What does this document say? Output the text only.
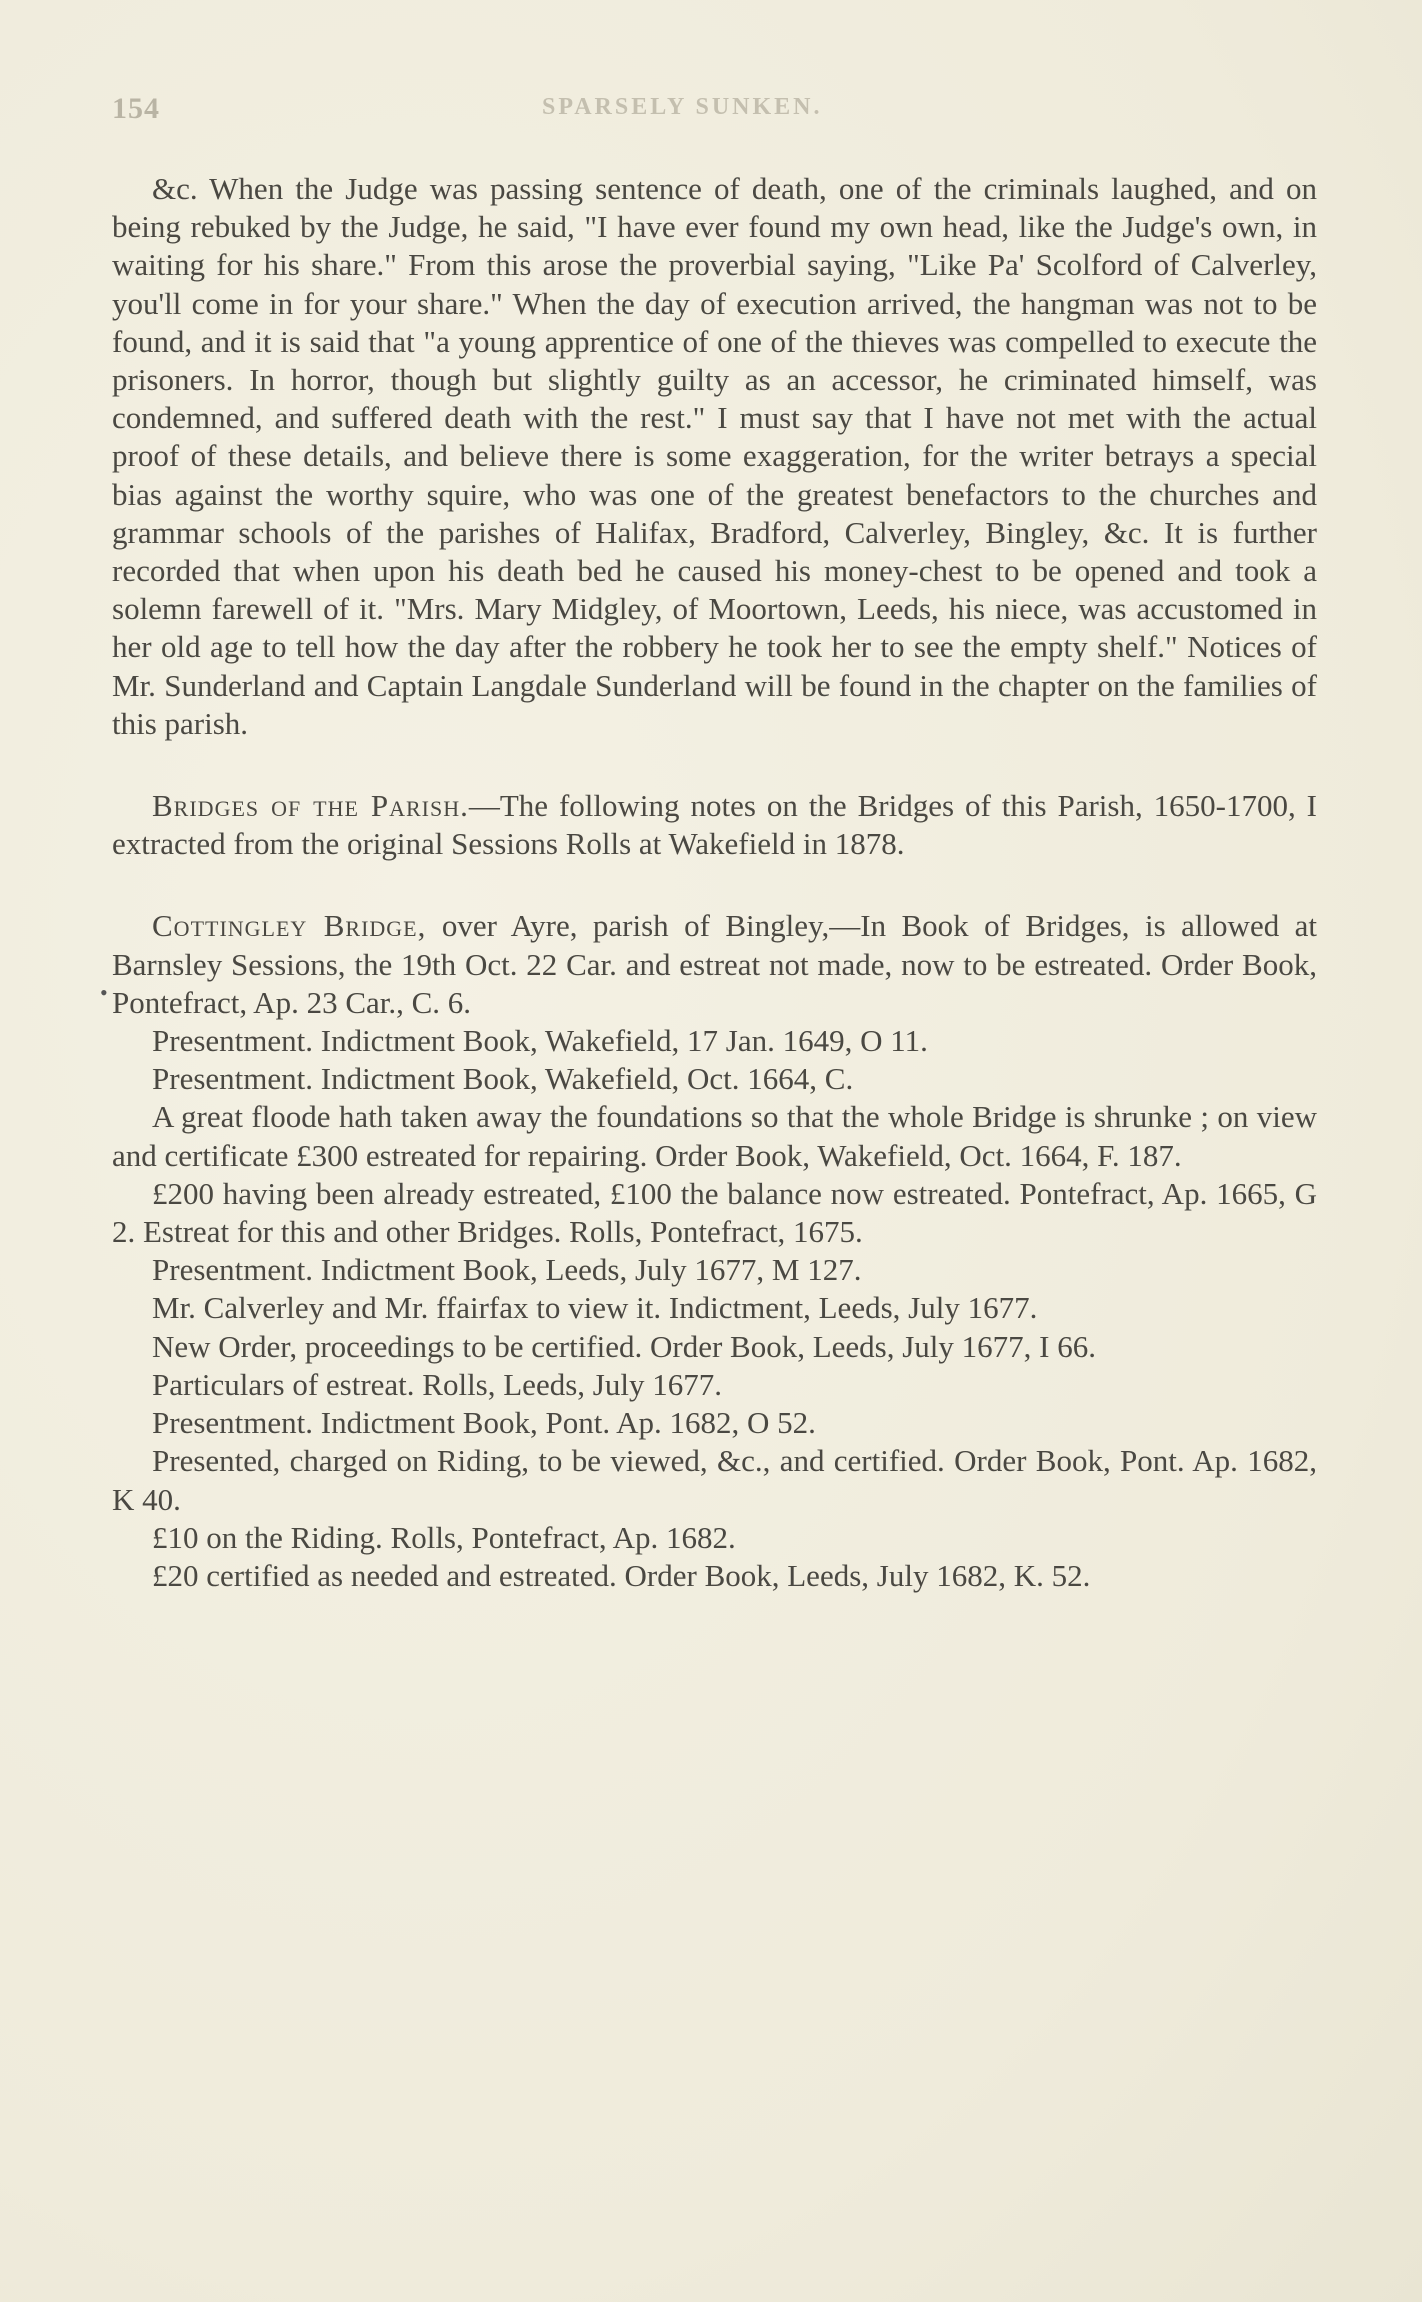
154	SPARSELY SUNKEN.
•

&c. When the Judge was passing sentence of death, one of the criminals laughed, and on being rebuked by the Judge, he said, "I have ever found my own head, like the Judge's own, in waiting for his share." From this arose the proverbial saying, "Like Pa' Scolford of Calverley, you'll come in for your share." When the day of execution arrived, the hangman was not to be found, and it is said that "a young apprentice of one of the thieves was compelled to execute the prisoners. In horror, though but slightly guilty as an accessor, he criminated himself, was condemned, and suffered death with the rest." I must say that I have not met with the actual proof of these details, and believe there is some exaggeration, for the writer betrays a special bias against the worthy squire, who was one of the greatest benefactors to the churches and grammar schools of the parishes of Halifax, Bradford, Calverley, Bingley, &c. It is further recorded that when upon his death bed he caused his money-chest to be opened and took a solemn farewell of it. "Mrs. Mary Midgley, of Moortown, Leeds, his niece, was accustomed in her old age to tell how the day after the robbery he took her to see the empty shelf." Notices of Mr. Sunderland and Captain Langdale Sunderland will be found in the chapter on the families of this parish.

Bridges of the Parish.—The following notes on the Bridges of this Parish, 1650-1700, I extracted from the original Sessions Rolls at Wakefield in 1878.

Cottingley Bridge, over Ayre, parish of Bingley,—In Book of Bridges, is allowed at Barnsley Sessions, the 19th Oct. 22 Car. and estreat not made, now to be estreated. Order Book, Pontefract, Ap. 23 Car., C. 6.

Presentment. Indictment Book, Wakefield, 17 Jan. 1649, O 11.

Presentment. Indictment Book, Wakefield, Oct. 1664, C.

A great floode hath taken away the foundations so that the whole Bridge is shrunke ; on view and certificate £300 estreated for repairing. Order Book, Wakefield, Oct. 1664, F. 187.

£200 having been already estreated, £100 the balance now estreated. Pontefract, Ap. 1665, G 2. Estreat for this and other Bridges. Rolls, Pontefract, 1675.

Presentment. Indictment Book, Leeds, July 1677, M 127.

Mr. Calverley and Mr. ffairfax to view it. Indictment, Leeds, July 1677.

New Order, proceedings to be certified. Order Book, Leeds, July 1677, I 66.

Particulars of estreat. Rolls, Leeds, July 1677.

Presentment. Indictment Book, Pont. Ap. 1682, O 52.

Presented, charged on Riding, to be viewed, &c., and certified. Order Book, Pont. Ap. 1682, K 40.

£10 on the Riding. Rolls, Pontefract, Ap. 1682.

£20 certified as needed and estreated. Order Book, Leeds, July 1682, K. 52.
